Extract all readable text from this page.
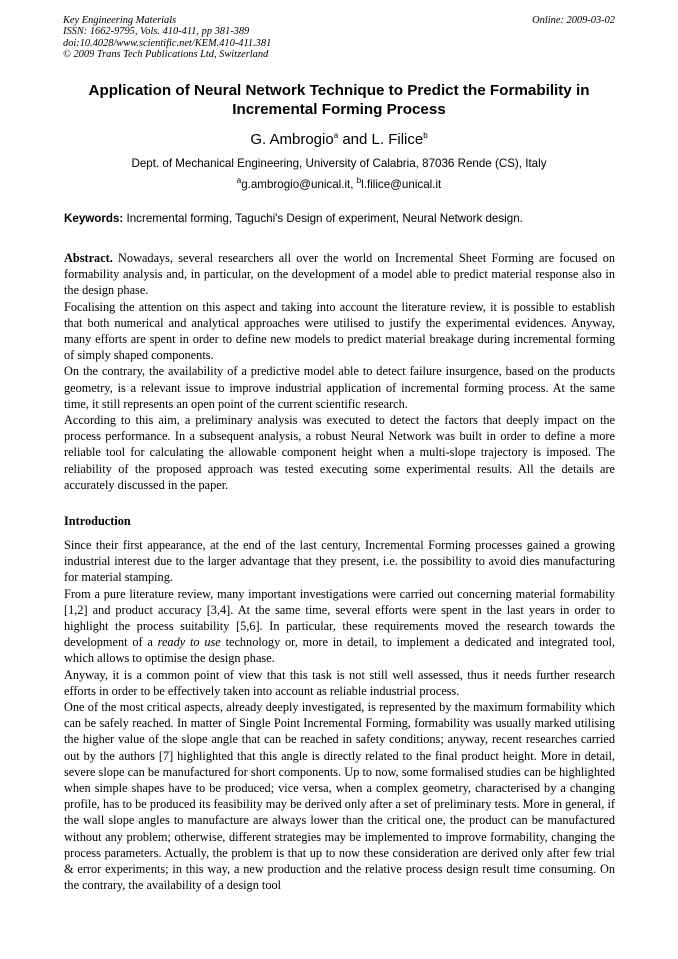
Key Engineering Materials
ISSN: 1662-9795, Vols. 410-411, pp 381-389
doi:10.4028/www.scientific.net/KEM.410-411.381
© 2009 Trans Tech Publications Ltd, Switzerland
Online: 2009-03-02
Application of Neural Network Technique to Predict the Formability in
Incremental Forming Process
G. Ambrogio$^a$ and L. Filice$^b$
Dept. of Mechanical Engineering, University of Calabria, 87036 Rende (CS), Italy
$^a$g.ambrogio@unical.it, $^b$l.filice@unical.it
Keywords: Incremental forming, Taguchi's Design of experiment, Neural Network design.

Abstract. Nowadays, several researchers all over the world on Incremental Sheet Forming are focused on formability analysis and, in particular, on the development of a model able to predict material response also in the design phase.

Focalising the attention on this aspect and taking into account the literature review, it is possible to establish that both numerical and analytical approaches were utilised to justify the experimental evidences. Anyway, many efforts are spent in order to define new models to predict material breakage during incremental forming of simply shaped components.

On the contrary, the availability of a predictive model able to detect failure insurgence, based on the products geometry, is a relevant issue to improve industrial application of incremental forming process. At the same time, it still represents an open point of the current scientific research.

According to this aim, a preliminary analysis was executed to detect the factors that deeply impact on the process performance. In a subsequent analysis, a robust Neural Network was built in order to define a more reliable tool for calculating the allowable component height when a multi-slope trajectory is imposed. The reliability of the proposed approach was tested executing some experimental results. All the details are accurately discussed in the paper.

Introduction

Since their first appearance, at the end of the last century, Incremental Forming processes gained a growing industrial interest due to the larger advantage that they present, i.e. the possibility to avoid dies manufacturing for material stamping.

From a pure literature review, many important investigations were carried out concerning material formability [1,2] and product accuracy [3,4]. At the same time, several efforts were spent in the last years in order to highlight the process suitability [5,6]. In particular, these requirements moved the research towards the development of a ready to use technology or, more in detail, to implement a dedicated and integrated tool, which allows to optimise the design phase.

Anyway, it is a common point of view that this task is not still well assessed, thus it needs further research efforts in order to be effectively taken into account as reliable industrial process.

One of the most critical aspects, already deeply investigated, is represented by the maximum formability which can be safely reached. In matter of Single Point Incremental Forming, formability was usually marked utilising the higher value of the slope angle that can be reached in safety conditions; anyway, recent researches carried out by the authors [7] highlighted that this angle is directly related to the final product height. More in detail, severe slope can be manufactured for short components. Up to now, some formalised studies can be highlighted when simple shapes have to be produced; vice versa, when a complex geometry, characterised by a changing profile, has to be produced its feasibility may be derived only after a set of preliminary tests. More in general, if the wall slope angles to manufacture are always lower than the critical one, the product can be manufactured without any problem; otherwise, different strategies may be implemented to improve formability, changing the process parameters. Actually, the problem is that up to now these consideration are derived only after few trial & error experiments; in this way, a new production and the relative process design result time consuming. On the contrary, the availability of a design tool
